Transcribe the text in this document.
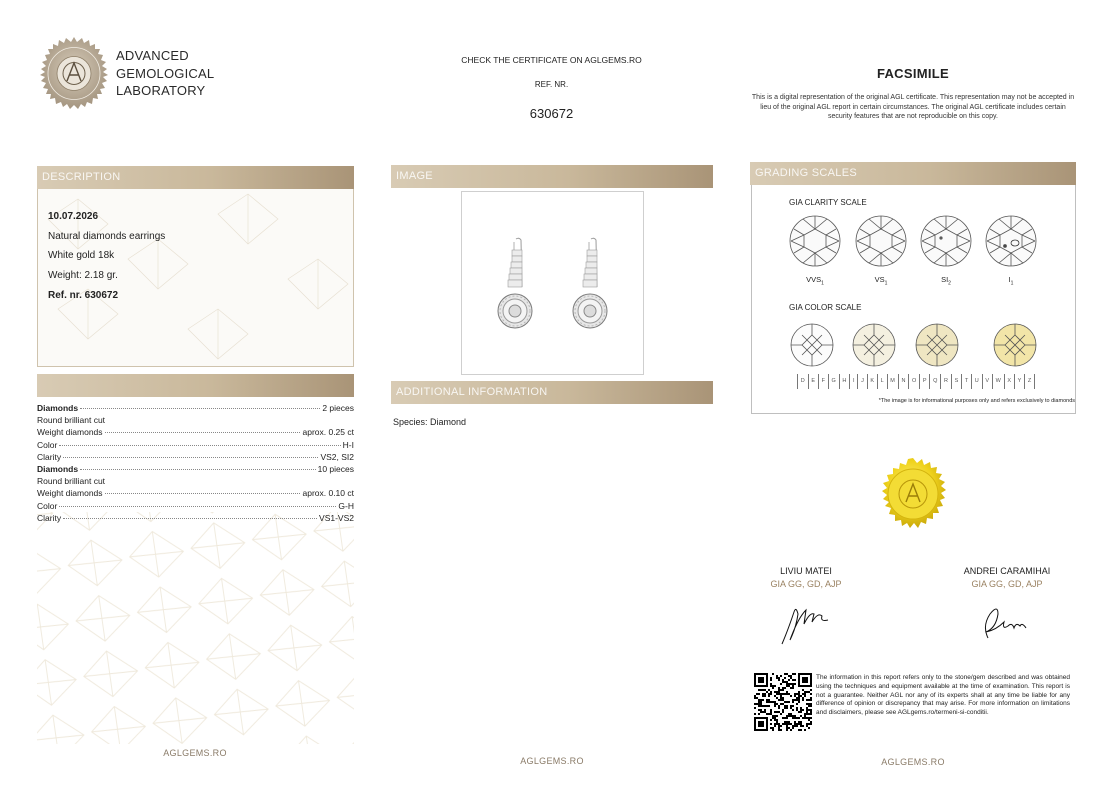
ADVANCED
GEMOLOGICAL
LABORATORY
CHECK THE CERTIFICATE ON AGLGEMS.RO
REF. NR.
630672
FACSIMILE
This is a digital representation of the original AGL certificate. This representation may not be accepted in lieu of the original AGL report in certain circumstances. The original AGL certificate includes certain security features that are not reproducible on this copy.
DESCRIPTION
10.07.2026
Natural diamonds earrings
White gold 18k
Weight: 2.18 gr.
Ref. nr. 630672
Diamonds	2 pieces
Round brilliant cut
Weight diamonds	aprox. 0.25 ct
Color	H-I
Clarity	VS2, SI2
Diamonds	10 pieces
Round brilliant cut
Weight diamonds	aprox. 0.10 ct
Color	G-H
Clarity	VS1-VS2
AGLGEMS.RO
IMAGE
ADDITIONAL INFORMATION
Species: Diamond
AGLGEMS.RO
GRADING SCALES
GIA CLARITY SCALE
$VVS_1$	$VS_1$	$SI_2$	$I_1$
GIA COLOR SCALE
D	E	F	G	H	I	J	K	L	M	N	O	P	Q	R	S	T	U	V	W	X	Y	Z
*The image is for informational purposes only and refers exclusively to diamonds
LIVIU MATEI
GIA GG, GD, AJP
ANDREI CARAMIHAI
GIA GG, GD, AJP
The information in this report refers only to the stone/gem described and was obtained using the techniques and equipment available at the time of examination. This report is not a guarantee. Neither AGL nor any of its experts shall at any time be liable for any difference of opinion or discrepancy that may arise. For more information on limitations and disclaimers, please see AGLgems.ro/termeni-si-conditii.
AGLGEMS.RO
